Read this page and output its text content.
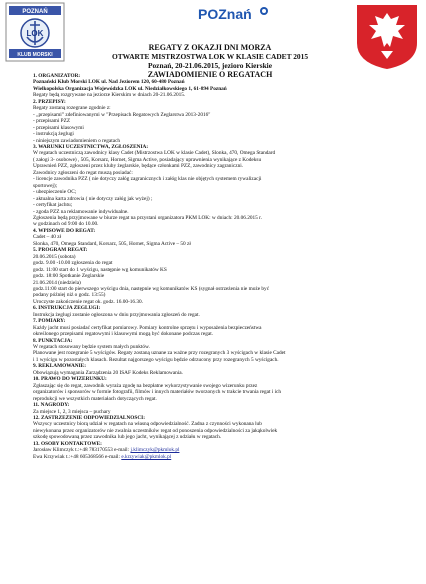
POZNAŃ
LOK
KLUB MORSKI
POZnań
REGATY Z OKAZJI DNI MORZA
OTWARTE MISTRZOSTWA LOK W KLASIE CADET 2015
Poznań, 20-21.06.2015, jezioro Kierskie
ZAWIADOMIENIE O REGATACH
1. ORGANIZATOR:
Poznański Klub Morski LOK ul. Nad Jeziorem 120, 60-480 Poznań
Wielkopolska Organizacja Wojewódzka LOK ul. Niedziałkowskiego 1, 61-894 Poznań
Regaty będą rozgrywane na jeziorze Kierskim w dniach 20-21.06.2015.
2. PRZEPISY:
Regaty zostaną rozegrane zgodnie z:
- „przepisami” zdefiniowanymi w "Przepisach Regatowych Żeglarstwa 2013-2016"
- przepisami PZŻ
- przepisami klasowymi
- instrukcją żeglugi
- niniejszym zawiadomieniem o regatach
3. WARUNKI UCZESTNICTWA, ZGŁOSZENIA:
W regatach uczestniczą zawodnicy klasy Cadet (Mistrzostwa LOK w klasie Cadet), Slonka, 470, Omega Standard
( załogi 3- osobowe) , 505, Korsarz, Hornet, Sigma Active, posiadający uprawnienia wynikające z Kodeksu
Uprawnień PZŻ, zgłoszeni przez kluby żeglarskie, będące członkami PZŻ, zawodnicy zagraniczni.
Zawodnicy zgłoszeni do regat muszą posiadać:
- licencje zawodnika PZŻ ( nie dotyczy załóg zagranicznych i załóg klas nie objętych systemem rywalizacji
sportowej);
- ubezpieczenie OC;
- aktualna karta zdrowia ( nie dotyczy załóg jak wyżej) ;
- certyfikat jachtu;
- zgoda PZŻ na reklamowanie indywidualne.
Zgłoszenia będą przyjmowane w biurze regat na przystani organizatora PKM LOK: w dniach: 20.06.2015 r.
w godzinach od 9:00 do 10.00.
4. WPISOWE DO REGAT:
Cadet – 40 zł
Slonka, 470, Omega Standard, Korsarz, 505, Hornet, Sigma Active – 50 zł
5. PROGRAM REGAT:
20.06.2015 (sobota)
godz. 9.00 -10.00 zgłoszenia do regat
godz. 11:00 start do 1 wyścigu, następnie wg komunikatów KS
godz. 18:00 Spotkanie Żeglarskie
21.06.2014 (niedziela)
godz.11:00 start do pierwszego wyścigu dnia, następnie wg komunikatów KS (sygnał ostrzeżenia nie może być
podany później niż o godz. 13:55)
Uroczyste zakończenie regat ok. godz. 16.00-16.30.
6. INSTRUKCJA ŻEGLUGI:
Instrukcja żeglugi zostanie ogłoszona w dniu przyjmowania zgłoszeń do regat.
7. POMIARY:
Każdy jacht musi posiadać certyfikat pomiarowy. Pomiary kontrolne sprzętu i wyposażenia bezpieczeństwa
określonego przepisami regatowymi i klasowymi mogą być dokonane podczas regat.
8. PUNKTACJA:
W regatach stosowany będzie system małych punktów.
Planowane jest rozegranie 5 wyścigów. Regaty zostaną uznane za ważne przy rozegranych 3 wyścigach w klasie Cadet
i 1 wyścigu w pozostałych klasach. Rezultat najgorszego wyścigu będzie odrzucony przy rozegranych 5 wyścigach.
9. REKLAMOWANIE:
Obowiązują wymagania Zarządzenia 20 ISAF Kodeks Reklamowania.
10. PRAWO DO WIZERUNKU:
Zgłaszając się do regat, zawodnik wyraża zgodę na bezpłatne wykorzystywanie swojego wizerunku przez
organizatorów i sponsorów w formie fotografii, filmów i innych materiałów tworzonych w trakcie trwania regat i ich
reprodukcji we wszystkich materiałach dotyczących regat.
11. NAGRODY:
Za miejsce 1, 2, 3 miejsca – puchary
12. ZASTRZEŻENIE ODPOWIEDZIALNOŚCI:
Wszyscy uczestnicy biorą udział w regatach na własną odpowiedzialność. Żadna z czynności wykonana lub
niewykonana przez organizatorów nie zwalnia uczestników regat od ponoszenia odpowiedzialności za jakąkolwiek
szkodę spowodowaną przez zawodnika lub jego jacht, wynikającej z udziału w regatach.
13. OSOBY KONTAKTOWE:
Jarosław Klimczyk t.:+48 783170553 e-mail: j.klimczyk@pkmlok.pl
Ewa Krzywiak t.:+48 605368566 e-mail: e.krzywiak@pkmlok.pl
